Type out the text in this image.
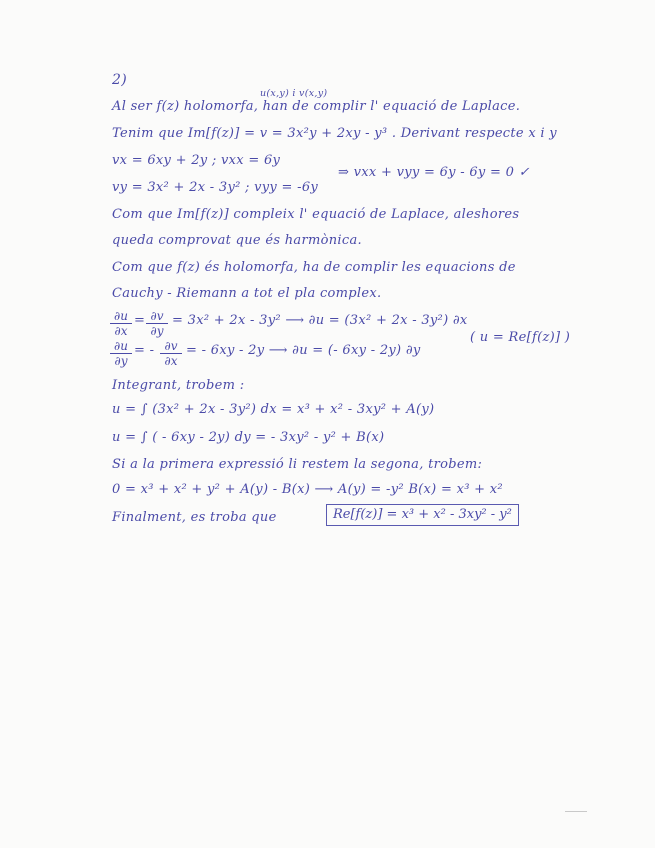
2)
u(x,y) i v(x,y)
Al ser f(z) holomorfa, han de complir l' equació de Laplace.
Tenim que Im[f(z)] = v = 3x²y + 2xy - y³ . Derivant respecte x i y
vx = 6xy + 2y ; vxx = 6y
⇒ vxx + vyy = 6y - 6y = 0 ✓
vy = 3x² + 2x - 3y² ; vyy = -6y
Com que Im[f(z)] compleix l' equació de Laplace, aleshores
queda comprovat que és harmònica.
Com que f(z) és holomorfa, ha de complir les equacions de
Cauchy - Riemann a tot el pla complex.
$\frac{\partial u}{\partial x} = \frac{\partial v}{\partial y} = 3x^2 + 2x - 3y^2$ ⟶ ∂u = (3x² + 2x - 3y²) ∂x
$\frac{\partial u}{\partial y}$ = - $\frac{\partial v}{\partial x}$ = - 6xy - 2y ⟶ ∂u = (- 6xy - 2y) ∂y
( u = Re[f(z)] )
Integrant, trobem :
u = ∫ (3x² + 2x - 3y²) dx = x³ + x² - 3xy² + A(y)
u = ∫ ( - 6xy - 2y) dy = - 3xy² - y² + B(x)
Si a la primera expressió li restem la segona, trobem:
0 = x³ + x² + y² + A(y) - B(x) ⟶ A(y) = -y² B(x) = x³ + x²
Finalment, es troba que	Re[f(z)] = x³ + x² - 3xy² - y²
